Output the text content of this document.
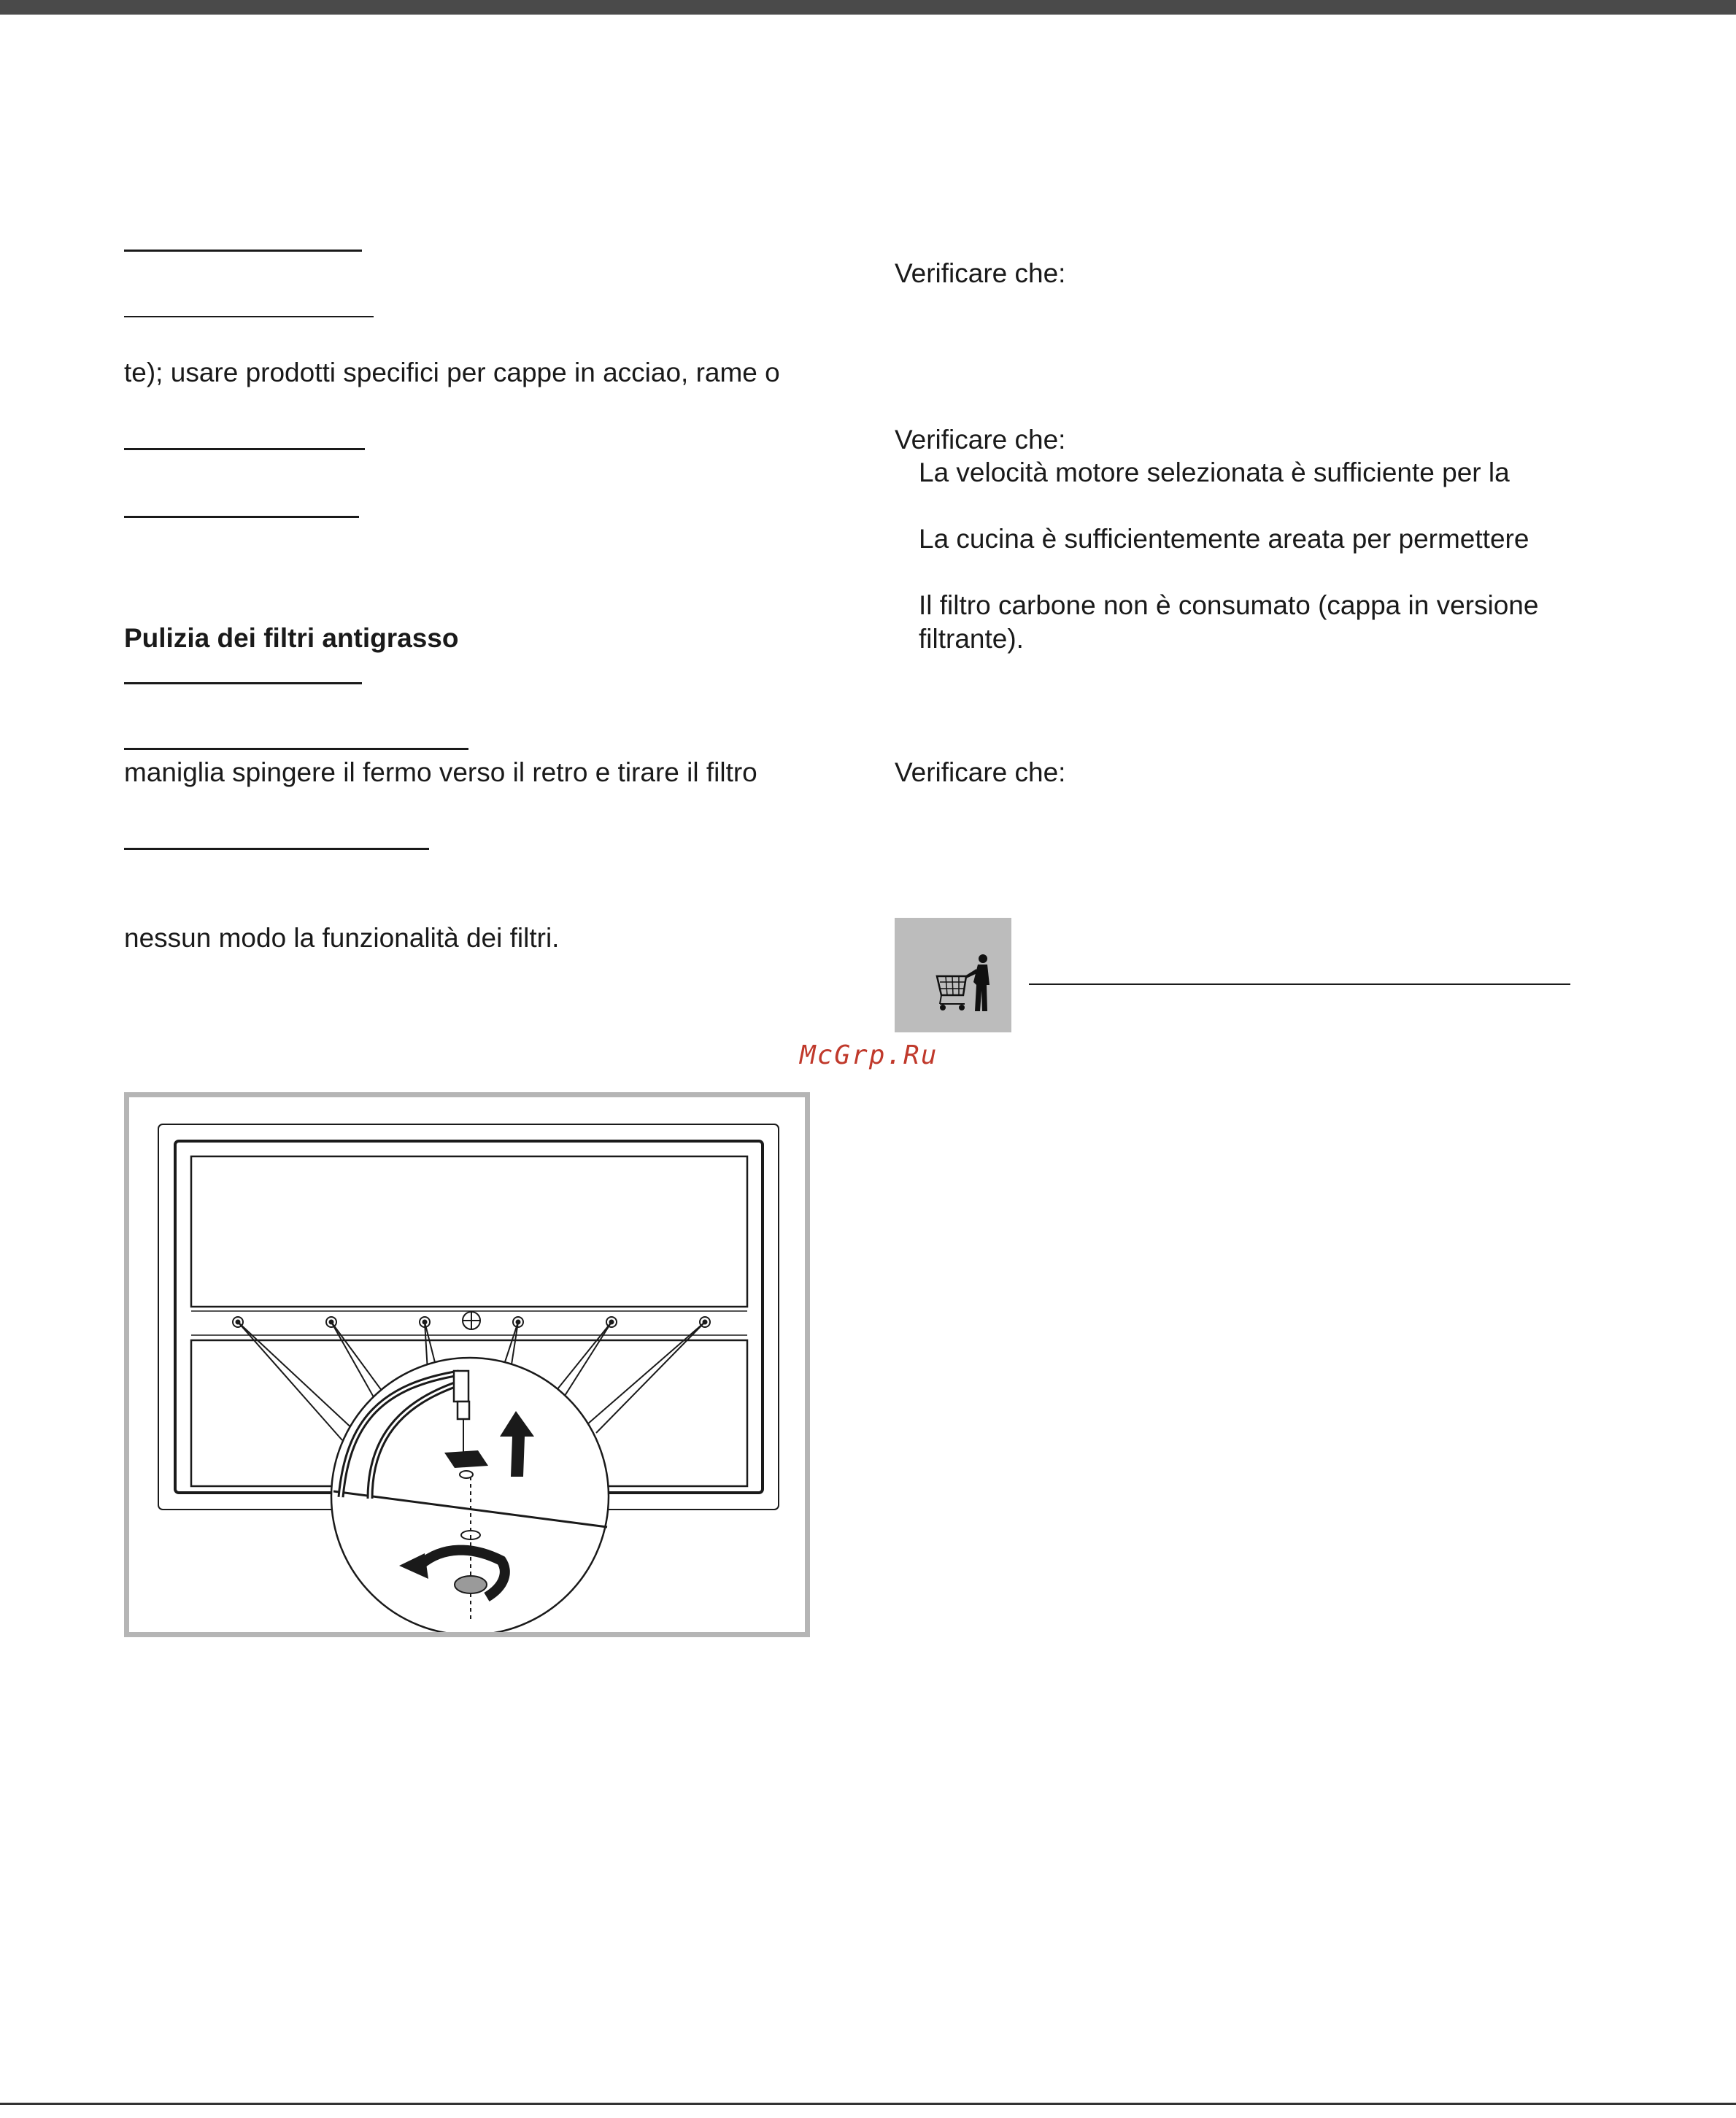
te); usare prodotti specifici per cappe in acciao, rame o
Pulizia dei filtri antigrasso
maniglia spingere il fermo verso il retro e tirare il filtro
nessun modo la funzionalità dei filtri.
Verificare che:
Verificare che:
La velocità motore selezionata è sufficiente per la
La cucina è sufficientemente areata per permettere
Il filtro carbone non è consumato (cappa in versione
filtrante).
Verificare che:
McGrp.Ru
